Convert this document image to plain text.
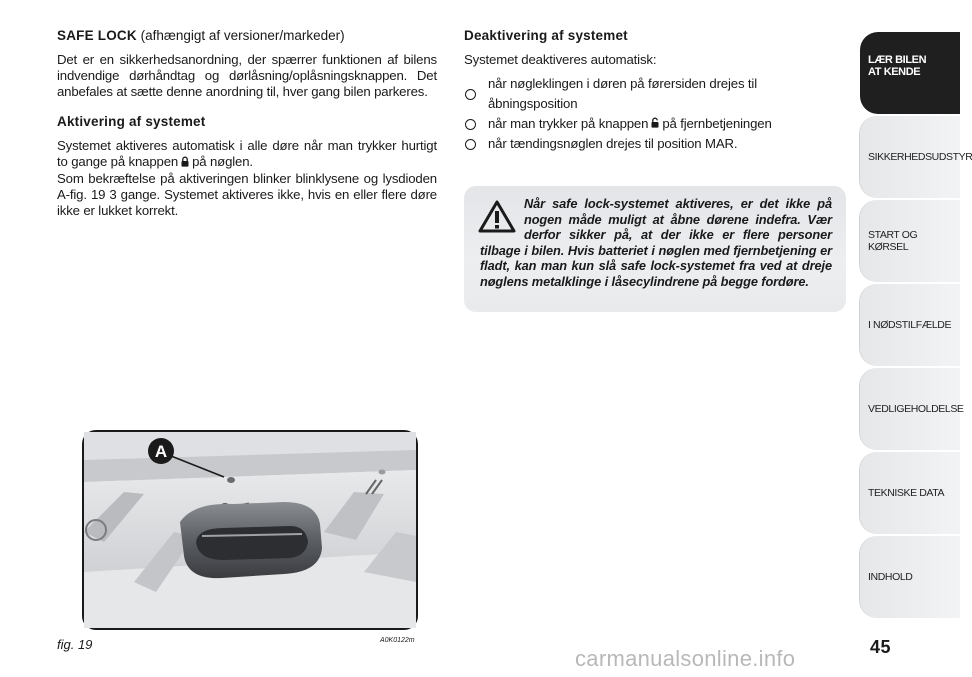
SAFE LOCK (afhængigt af versioner/markeder)

Det er en sikkerhedsanordning, der spærrer funktionen af bilens indvendige dørhåndtag og dørlåsning/oplåsningsknappen. Det anbefales at sætte denne anordning til, hver gang bilen parkeres.

Aktivering af systemet

Systemet aktiveres automatisk i alle døre når man trykker hurtigt to gange på knappen på nøglen.

Som bekræftelse på aktiveringen blinker blinklysene og lysdioden A-fig. 19 3 gange. Systemet aktiveres ikke, hvis en eller flere døre ikke er lukket korrekt.

Deaktivering af systemet

Systemet deaktiveres automatisk:

når nøgleklingen i døren på førersiden drejes til åbningsposition
når man trykker på knappen på fjernbetjeningen
når tændingsnøglen drejes til position MAR.

Når safe lock-systemet aktiveres, er det ikke på nogen måde muligt at åbne dørene indefra. Vær derfor sikker på, at der ikke er flere personer tilbage i bilen. Hvis batteriet i nøglen med fjernbetjening er fladt, kan man kun slå safe lock-systemet fra ved at dreje nøglens metalklinge i låsecylindrene på begge fordøre.

A
fig. 19	A0K0122m
LÆR BILEN
AT KENDE
SIKKERHEDSUDSTYR
START OG KØRSEL
I NØDSTILFÆLDE
VEDLIGEHOLDELSE
TEKNISKE DATA
INDHOLD
45
carmanualsonline.info
